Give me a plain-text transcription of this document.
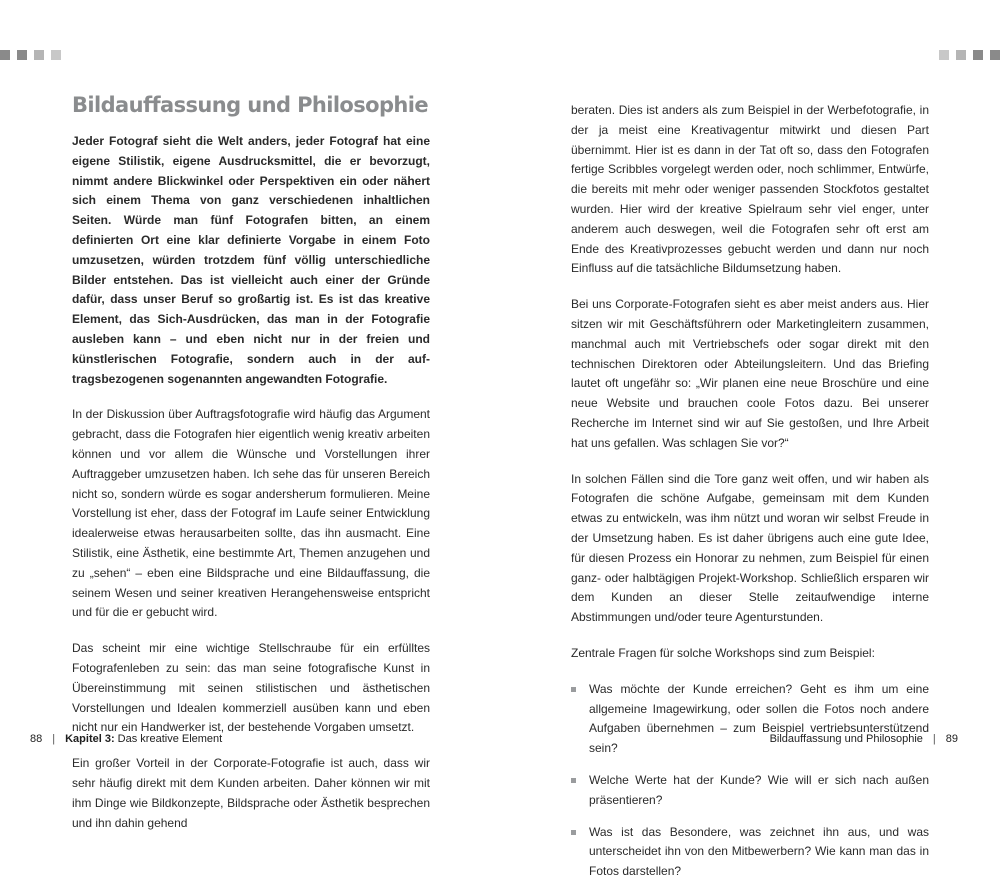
Bildauffassung und Philosophie

Jeder Fotograf sieht die Welt anders, jeder Fotograf hat eine eigene Stilistik, eigene Ausdrucksmittel, die er bevorzugt, nimmt andere Blickwinkel oder Perspektiven ein oder nähert sich einem Thema von ganz verschiedenen inhaltlichen Seiten. Würde man fünf Fotografen bitten, an einem definierten Ort eine klar definierte Vorgabe in einem Foto umzusetzen, würden trotzdem fünf völlig unterschiedliche Bilder entstehen. Das ist vielleicht auch einer der Gründe dafür, dass unser Beruf so großartig ist. Es ist das kreative Element, das Sich-Ausdrücken, das man in der Fotografie ausleben kann – und eben nicht nur in der freien und künstlerischen Fotografie, sondern auch in der auftragsbezogenen sogenannten angewandten Fotografie.

In der Diskussion über Auftragsfotografie wird häufig das Argument gebracht, dass die Fotografen hier eigentlich wenig kreativ arbeiten können und vor allem die Wünsche und Vorstellungen ihrer Auftraggeber umzusetzen haben. Ich sehe das für unseren Bereich nicht so, sondern würde es sogar andersherum formulieren. Meine Vorstellung ist eher, dass der Fotograf im Laufe seiner Entwicklung idealerweise etwas herausarbeiten sollte, das ihn ausmacht. Eine Stilistik, eine Ästhetik, eine bestimmte Art, Themen anzugehen und zu „sehen“ – eben eine Bildsprache und eine Bildauffassung, die seinem Wesen und seiner kreativen Herangehensweise entspricht und für die er gebucht wird.

Das scheint mir eine wichtige Stellschraube für ein erfülltes Fotografenleben zu sein: das man seine fotografische Kunst in Übereinstimmung mit seinen stilistischen und ästhetischen Vorstellungen und Idealen kommerziell ausüben kann und eben nicht nur ein Handwerker ist, der bestehende Vorgaben umsetzt.

Ein großer Vorteil in der Corporate-Fotografie ist auch, dass wir sehr häufig direkt mit dem Kunden arbeiten. Daher können wir mit ihm Dinge wie Bildkonzepte, Bildsprache oder Ästhetik besprechen und ihn dahin gehend

beraten. Dies ist anders als zum Beispiel in der Werbefotografie, in der ja meist eine Kreativagentur mitwirkt und diesen Part übernimmt. Hier ist es dann in der Tat oft so, dass den Fotografen fertige Scribbles vorgelegt werden oder, noch schlimmer, Entwürfe, die bereits mit mehr oder weniger passenden Stockfotos gestaltet wurden. Hier wird der kreative Spielraum sehr viel enger, unter anderem auch deswegen, weil die Fotografen sehr oft erst am Ende des Kreativprozesses gebucht werden und dann nur noch Einfluss auf die tatsächliche Bildumsetzung haben.

Bei uns Corporate-Fotografen sieht es aber meist anders aus. Hier sitzen wir mit Geschäftsführern oder Marketingleitern zusammen, manchmal auch mit Vertriebschefs oder sogar direkt mit den technischen Direktoren oder Abteilungsleitern. Und das Briefing lautet oft ungefähr so: „Wir planen eine neue Broschüre und eine neue Website und brauchen coole Fotos dazu. Bei unserer Recherche im Internet sind wir auf Sie gestoßen, und Ihre Arbeit hat uns gefallen. Was schlagen Sie vor?“

In solchen Fällen sind die Tore ganz weit offen, und wir haben als Fotografen die schöne Aufgabe, gemeinsam mit dem Kunden etwas zu entwickeln, was ihm nützt und woran wir selbst Freude in der Umsetzung haben. Es ist daher übrigens auch eine gute Idee, für diesen Prozess ein Honorar zu nehmen, zum Beispiel für einen ganz- oder halbtägigen Projekt-Workshop. Schließlich ersparen wir dem Kunden an dieser Stelle zeitaufwendige interne Abstimmungen und/oder teure Agenturstunden.

Zentrale Fragen für solche Workshops sind zum Beispiel:

Was möchte der Kunde erreichen? Geht es ihm um eine allgemeine Imagewirkung, oder sollen die Fotos noch andere Aufgaben übernehmen – zum Beispiel vertriebsunterstützend sein?

Welche Werte hat der Kunde? Wie will er sich nach außen präsentieren?

Was ist das Besondere, was zeichnet ihn aus, und was unterscheidet ihn von den Mitbewerbern? Wie kann man das in Fotos darstellen?

88 | Kapitel 3: Das kreative Element	Bildauffassung und Philosophie | 89
